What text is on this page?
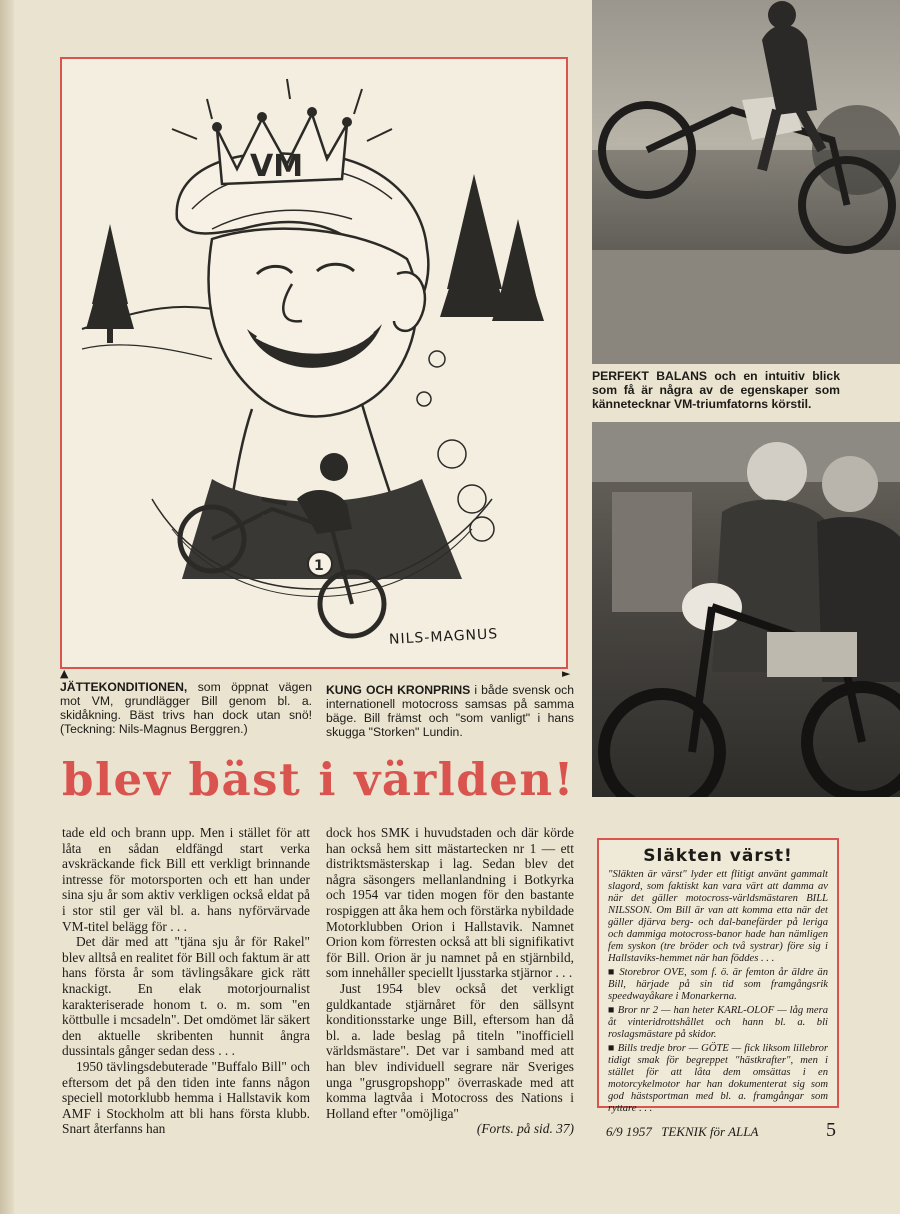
VM
1
NILS-MAGNUS
PERFEKT BALANS och en intuitiv blick som få är några av de egenskaper som kännetecknar VM-triumfatorns körstil.
▲	►
JÄTTEKONDITIONEN, som öppnat vägen mot VM, grundlägger Bill genom bl. a. skidåkning. Bäst trivs han dock utan snö! (Teckning: Nils-Magnus Berggren.)
KUNG OCH KRONPRINS i både svensk och internationell motocross samsas på samma bäge. Bill främst och "som vanligt" i hans skugga "Storken" Lundin.
blev bäst i världen!

tade eld och brann upp. Men i stället för att låta en sådan eldfängd start verka avskräckande fick Bill ett verkligt brinnande intresse för motorsporten och ett han under sina sju år som aktiv verkligen också eldat på i stor stil ger väl bl. a. hans nyförvärvade VM-titel belägg för . . .

Det där med att "tjäna sju år för Rakel" blev alltså en realitet för Bill och faktum är att hans första år som tävlingsåkare gick rätt knackigt. En elak motorjournalist karakteriserade honom t. o. m. som "en köttbulle i mcsadeln". Det omdömet lär säkert den aktuelle skribenten hunnit ångra dussintals gånger sedan dess . . .

1950 tävlingsdebuterade "Buffalo Bill" och eftersom det på den tiden inte fanns någon speciell motorklubb hemma i Hallstavik kom AMF i Stockholm att bli hans första klubb. Snart återfanns han

dock hos SMK i huvudstaden och där körde han också hem sitt mästartecken nr 1 — ett distriktsmästerskap i lag. Sedan blev det några säsongers mellanlandning i Botkyrka och 1954 var tiden mogen för den bastante rospiggen att åka hem och förstärka nybildade Motorklubben Orion i Hallstavik. Namnet Orion kom förresten också att bli signifikativt för Bill. Orion är ju namnet på en stjärnbild, som innehåller speciellt ljusstarka stjärnor . . .

Just 1954 blev också det verkligt guldkantade stjärnåret för den sällsynt konditionsstarke unge Bill, eftersom han då bl. a. lade beslag på titeln "inofficiell världsmästare". Det var i samband med att han blev individuell segrare när Sveriges unga "grusgropshopp" överraskade med att komma lagtvåa i Motocross des Nations i Holland efter "omöjliga"

(Forts. på sid. 37)

Släkten värst!

"Släkten är värst" lyder ett flitigt använt gammalt slagord, som faktiskt kan vara värt att damma av när det gäller motocross-världsmästaren BILL NILSSON. Om Bill är van att komma etta när det gäller djärva berg- och dal-banefärder på leriga och dammiga motocross-banor hade han nämligen fem syskon (tre bröder och två systrar) före sig i Hallstaviks-hemmet när han föddes . . .

■ Storebror OVE, som f. ö. är femton år äldre än Bill, härjade på sin tid som framgångsrik speedwayåkare i Monarkerna.

■ Bror nr 2 — han heter KARL-OLOF — låg mera åt vinteridrottshållet och hann bl. a. bli roslagsmästare på skidor.

■ Bills tredje bror — GÖTE — fick liksom lillebror tidigt smak för begreppet "hästkrafter", men i stället för att låta dem omsättas i en motorcykelmotor har han dokumenterat sig som god hästsportman med bl. a. framgångar som ryttare . . .

6/9 1957 TEKNIK för ALLA	5
